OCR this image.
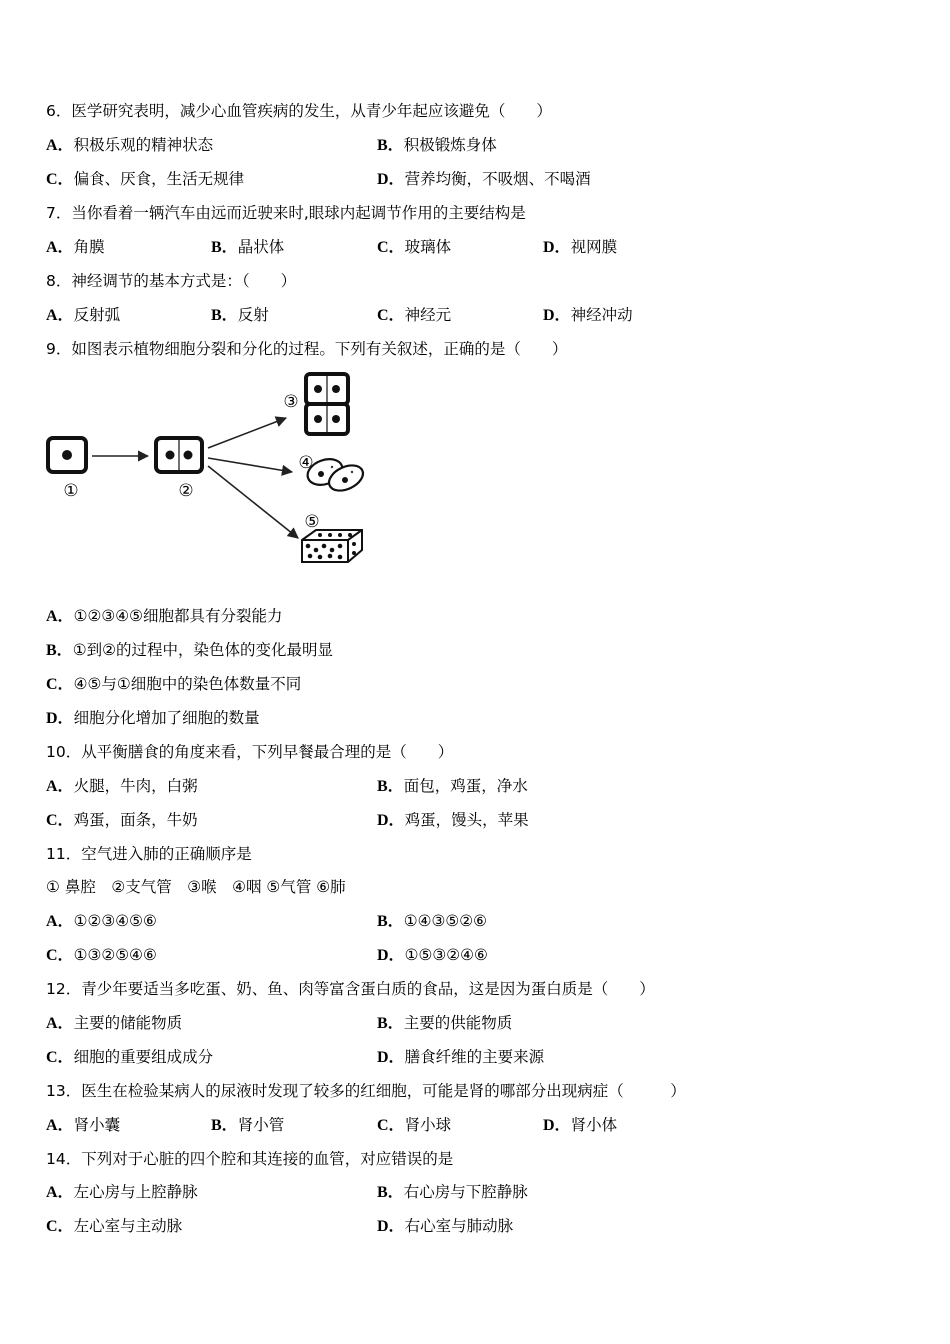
6．医学研究表明，减少心血管疾病的发生，从青少年起应该避免（　　）
A．积极乐观的精神状态	B．积极锻炼身体
C．偏食、厌食，生活无规律	D．营养均衡，不吸烟、不喝酒
7．当你看着一辆汽车由远而近驶来时,眼球内起调节作用的主要结构是
A．角膜	B．晶状体	C．玻璃体	D．视网膜
8．神经调节的基本方式是：（　　）
A．反射弧	B．反射	C．神经元	D．神经冲动
9．如图表示植物细胞分裂和分化的过程。下列有关叙述，正确的是（　　）
①	②
③
④
⑤
A．①②③④⑤细胞都具有分裂能力
B．①到②的过程中，染色体的变化最明显
C．④⑤与①细胞中的染色体数量不同
D．细胞分化增加了细胞的数量
10．从平衡膳食的角度来看，下列早餐最合理的是（　　）
A．火腿，牛肉，白粥	B．面包，鸡蛋，净水
C．鸡蛋，面条，牛奶	D．鸡蛋，馒头，苹果
11．空气进入肺的正确顺序是
① 鼻腔　②支气管　③喉　④咽 ⑤气管 ⑥肺
A．①②③④⑤⑥	B．①④③⑤②⑥
C．①③②⑤④⑥	D．①⑤③②④⑥
12．青少年要适当多吃蛋、奶、鱼、肉等富含蛋白质的食品，这是因为蛋白质是（　　）
A．主要的储能物质	B．主要的供能物质
C．细胞的重要组成成分	D．膳食纤维的主要来源
13．医生在检验某病人的尿液时发现了较多的红细胞，可能是肾的哪部分出现病症（　　　）
A．肾小囊	B．肾小管	C．肾小球	D．肾小体
14．下列对于心脏的四个腔和其连接的血管，对应错误的是
A．左心房与上腔静脉	B．右心房与下腔静脉
C．左心室与主动脉	D．右心室与肺动脉
